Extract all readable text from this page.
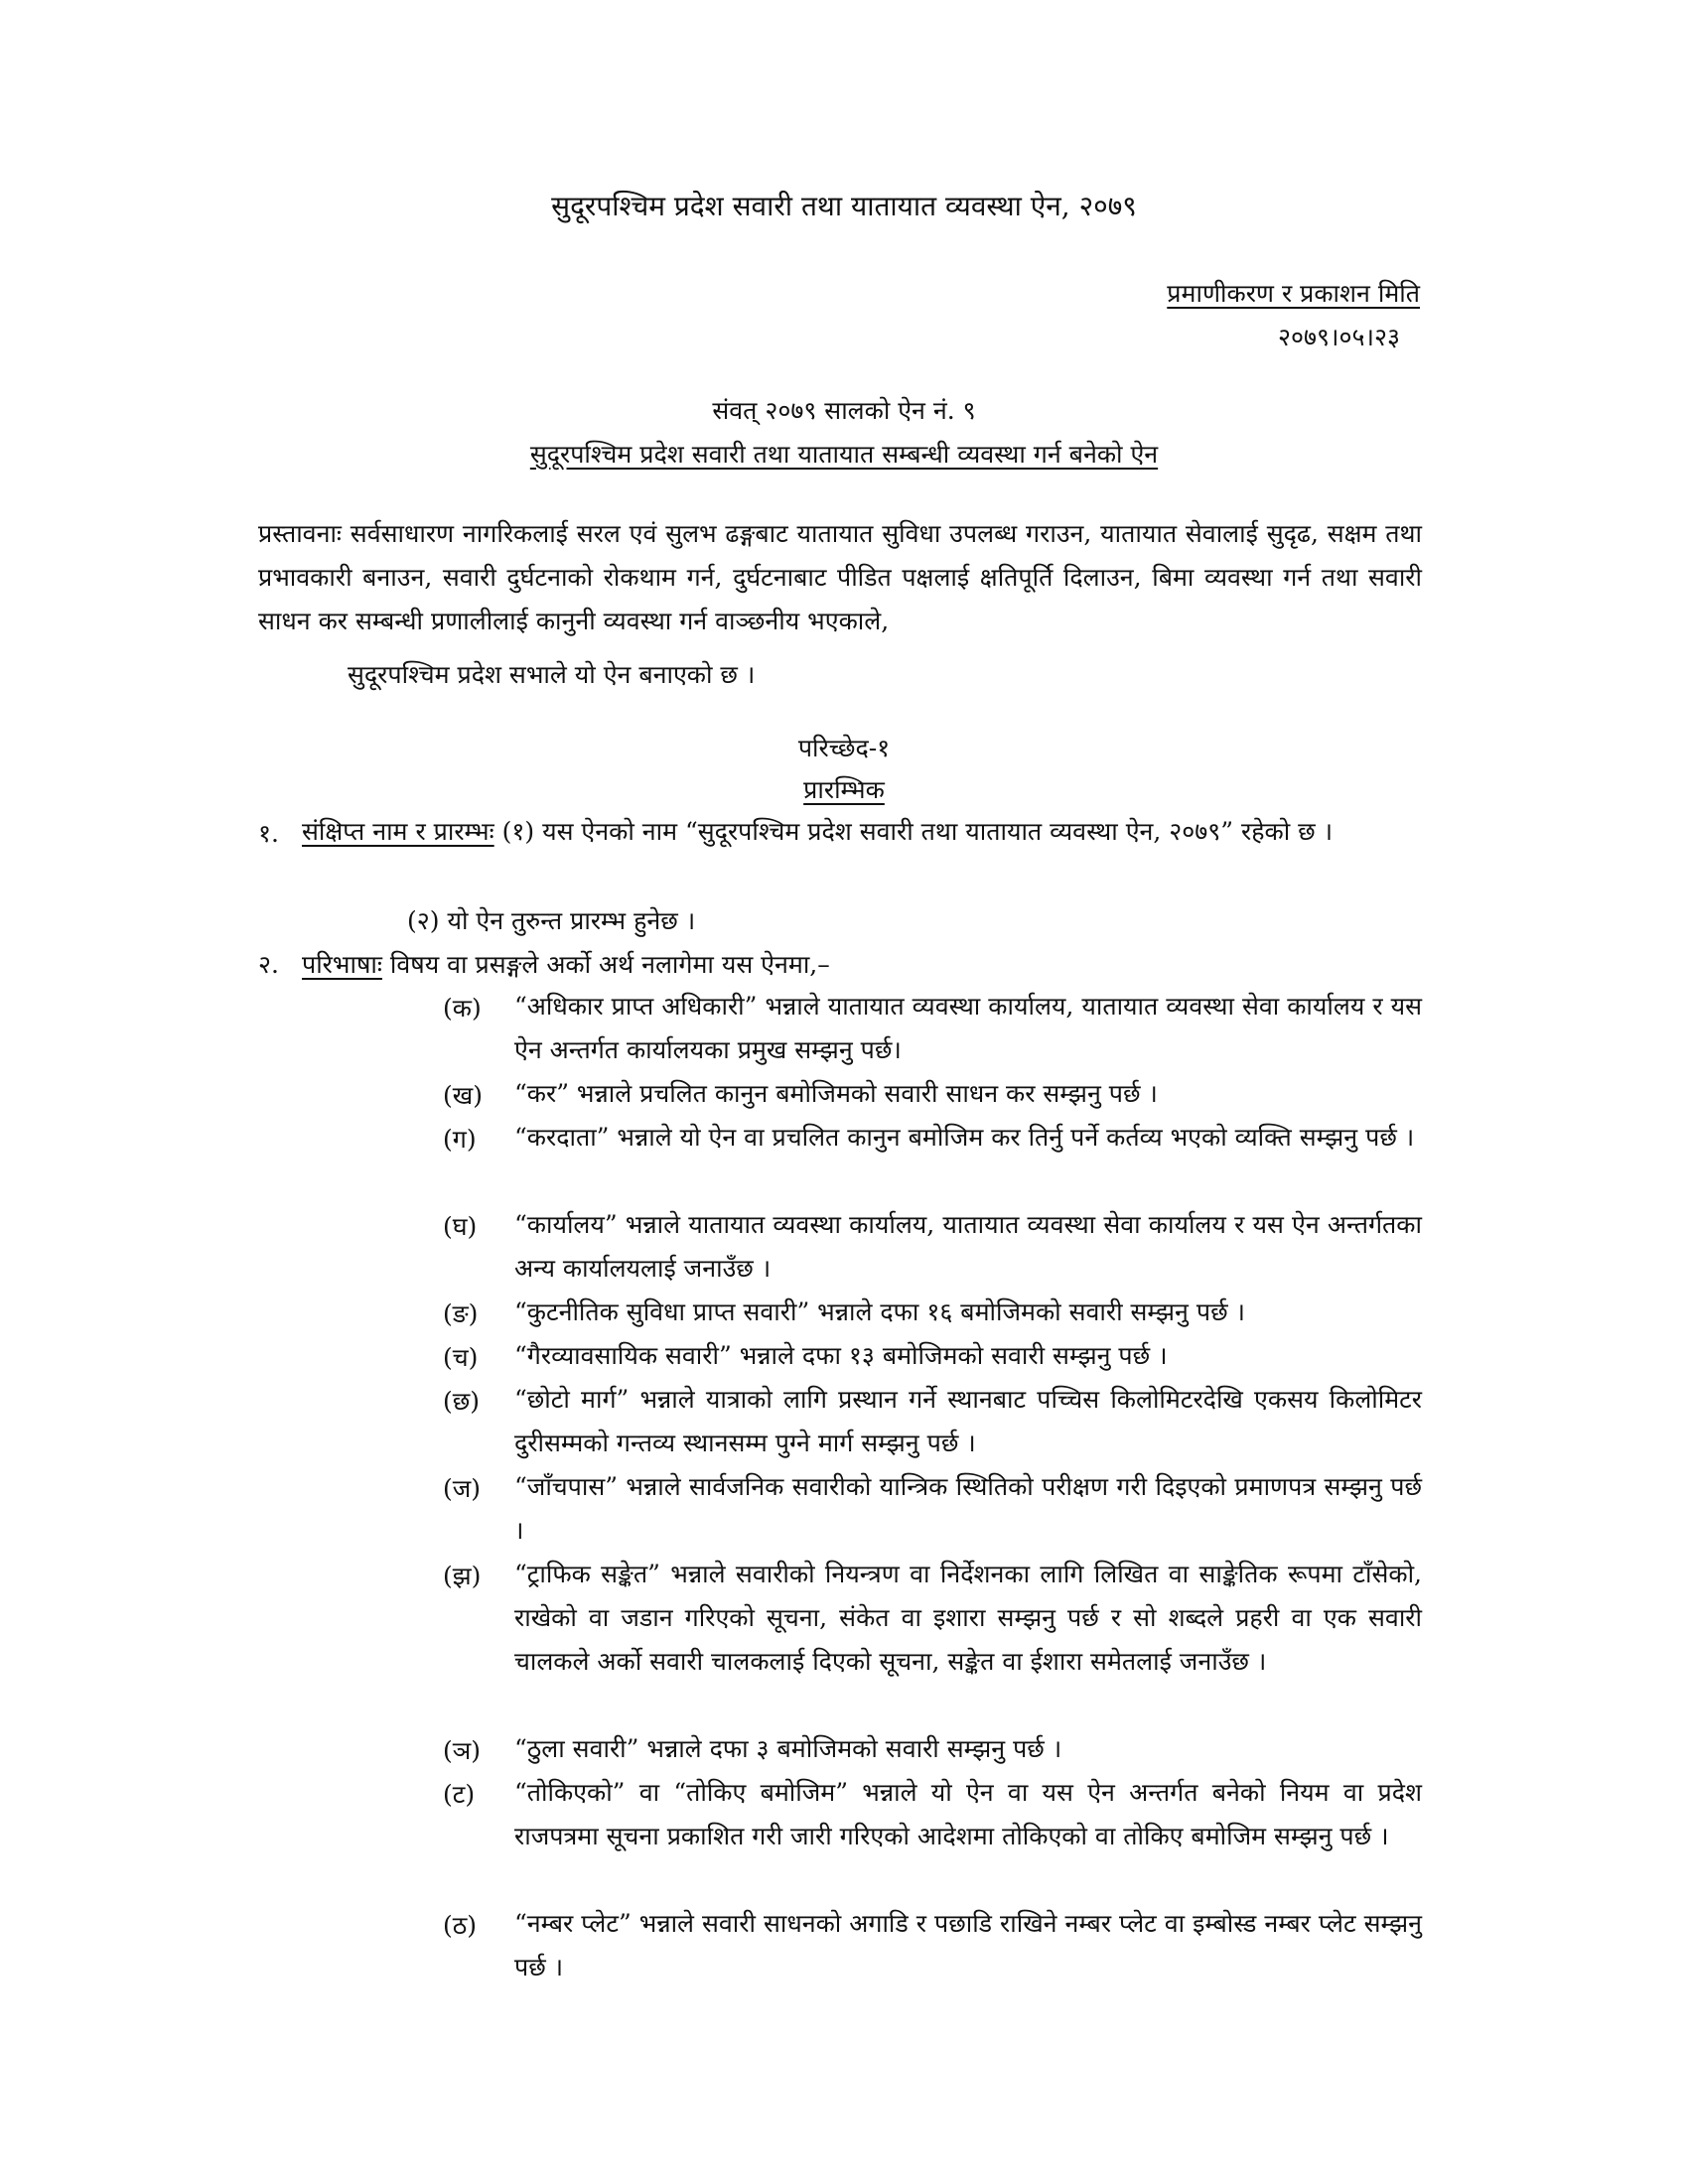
सुदूरपश्चिम प्रदेश सवारी तथा यातायात व्यवस्था ऐन, २०७९
प्रमाणीकरण र प्रकाशन मिति
२०७९।०५।२३
संवत् २०७९ सालको ऐन नं. ९
सुदूरपश्चिम प्रदेश सवारी तथा यातायात सम्बन्धी व्यवस्था गर्न बनेको ऐन
प्रस्तावनाः सर्वसाधारण नागरिकलाई सरल एवं सुलभ ढङ्गबाट यातायात सुविधा उपलब्ध गराउन, यातायात सेवालाई सुदृढ, सक्षम तथा प्रभावकारी बनाउन, सवारी दुर्घटनाको रोकथाम गर्न, दुर्घटनाबाट पीडित पक्षलाई क्षतिपूर्ति दिलाउन, बिमा व्यवस्था गर्न तथा सवारी साधन कर सम्बन्धी प्रणालीलाई कानुनी व्यवस्था गर्न वाञ्छनीय भएकाले,
सुदूरपश्चिम प्रदेश सभाले यो ऐन बनाएको छ ।
परिच्छेद-१
प्रारम्भिक
१. संक्षिप्त नाम र प्रारम्भः (१) यस ऐनको नाम “सुदूरपश्चिम प्रदेश सवारी तथा यातायात व्यवस्था ऐन, २०७९” रहेको छ ।
(२) यो ऐन तुरुन्त प्रारम्भ हुनेछ ।
२. परिभाषाः विषय वा प्रसङ्गले अर्को अर्थ नलागेमा यस ऐनमा,–
(क) “अधिकार प्राप्त अधिकारी” भन्नाले यातायात व्यवस्था कार्यालय, यातायात व्यवस्था सेवा कार्यालय र यस ऐन अन्तर्गत कार्यालयका प्रमुख सम्झनु पर्छ।
(ख) “कर” भन्नाले प्रचलित कानुन बमोजिमको सवारी साधन कर सम्झनु पर्छ ।
(ग) “करदाता” भन्नाले यो ऐन वा प्रचलित कानुन बमोजिम कर तिर्नु पर्ने कर्तव्य भएको व्यक्ति सम्झनु पर्छ ।
(घ) “कार्यालय” भन्नाले यातायात व्यवस्था कार्यालय, यातायात व्यवस्था सेवा कार्यालय र यस ऐन अन्तर्गतका अन्य कार्यालयलाई जनाउँछ ।
(ङ) “कुटनीतिक सुविधा प्राप्त सवारी” भन्नाले दफा १६ बमोजिमको सवारी सम्झनु पर्छ ।
(च) “गैरव्यावसायिक सवारी” भन्नाले दफा १३ बमोजिमको सवारी सम्झनु पर्छ ।
(छ) “छोटो मार्ग” भन्नाले यात्राको लागि प्रस्थान गर्ने स्थानबाट पच्चिस किलोमिटरदेखि एकसय किलोमिटर दुरीसम्मको गन्तव्य स्थानसम्म पुग्ने मार्ग सम्झनु पर्छ ।
(ज) “जाँचपास” भन्नाले सार्वजनिक सवारीको यान्त्रिक स्थितिको परीक्षण गरी दिइएको प्रमाणपत्र सम्झनु पर्छ ।
(झ) “ट्राफिक सङ्केत” भन्नाले सवारीको नियन्त्रण वा निर्देशनका लागि लिखित वा साङ्केतिक रूपमा टाँसेको, राखेको वा जडान गरिएको सूचना, संकेत वा इशारा सम्झनु पर्छ र सो शब्दले प्रहरी वा एक सवारी चालकले अर्को सवारी चालकलाई दिएको सूचना, सङ्केत वा ईशारा समेतलाई जनाउँछ ।
(ञ) “ठुला सवारी” भन्नाले दफा ३ बमोजिमको सवारी सम्झनु पर्छ ।
(ट) “तोकिएको” वा “तोकिए बमोजिम” भन्नाले यो ऐन वा यस ऐन अन्तर्गत बनेको नियम वा प्रदेश राजपत्रमा सूचना प्रकाशित गरी जारी गरिएको आदेशमा तोकिएको वा तोकिए बमोजिम सम्झनु पर्छ ।
(ठ) “नम्बर प्लेट” भन्नाले सवारी साधनको अगाडि र पछाडि राखिने नम्बर प्लेट वा इम्बोस्ड नम्बर प्लेट सम्झनु पर्छ ।
